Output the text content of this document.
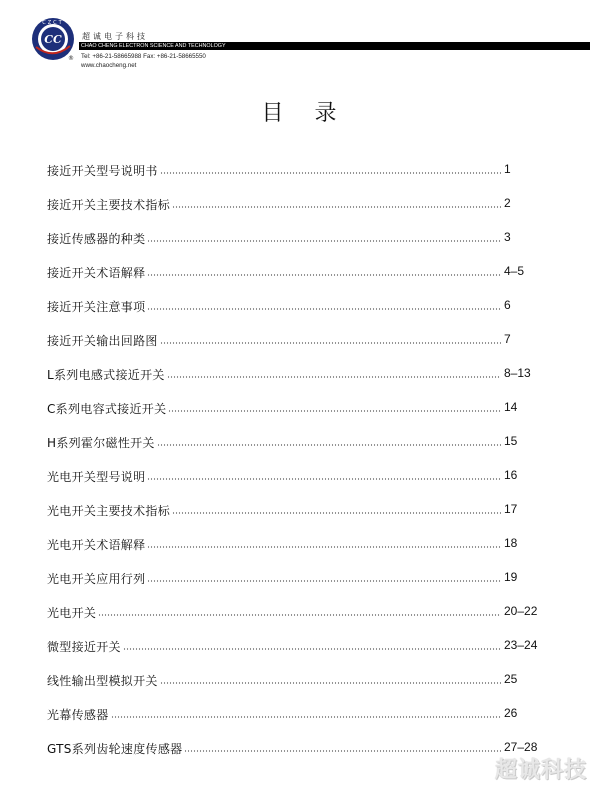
CC
CZCT
®
超诚电子科技
CHAO CHENG ELECTRON SCIENCE AND TECHNOLOGY
Tel: +86-21-58665988 Fax: +86-21-58665550
www.chaocheng.net
目 录
接近开关型号说明书	1
接近开关主要技术指标	2
接近传感器的种类	3
接近开关术语解释	4–5
接近开关注意事项	6
接近开关输出回路图	7
L系列电感式接近开关	8–13
C系列电容式接近开关	14
H系列霍尔磁性开关	15
光电开关型号说明	16
光电开关主要技术指标	17
光电开关术语解释	18
光电开关应用行列	19
光电开关	20–22
微型接近开关	23–24
线性输出型模拟开关	25
光幕传感器	26
GTS系列齿轮速度传感器	27–28
超诚科技
